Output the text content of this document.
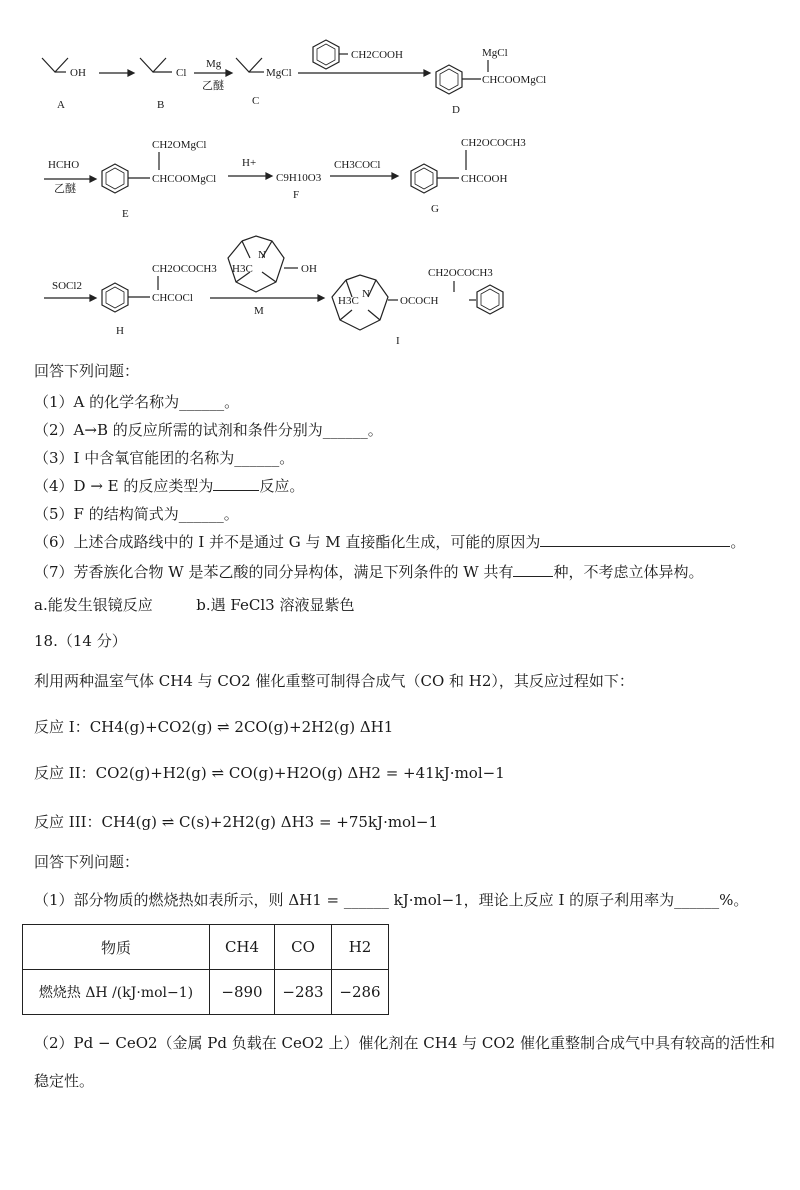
OH	Cl
Mg
乙醚
MgCl
CH2COOH	MgCl
CHCOOMgCl
A	B	C
D
HCHO
乙醚
CH2OMgCl
CHCOOMgCl
E
H+
C9H10O3
F
CH3COCl
CH2OCOCH3
CHCOOH
G
SOCl2
CH2OCOCH3
CHCOCl
H
H3C
N
OH
M
H3C
N
OCOCH
CH2OCOCH3
I
回答下列问题：
（1）A 的化学名称为______。
（2）A→B 的反应所需的试剂和条件分别为______。
（3）I 中含氧官能团的名称为______。
（4）D → E 的反应类型为	反应。
（5）F 的结构简式为______。
（6）上述合成路线中的 I 并不是通过 G 与 M 直接酯化生成，可能的原因为	。
（7）芳香族化合物 W 是苯乙酸的同分异构体，满足下列条件的 W 共有	种，不考虑立体异构。
a.能发生银镜反应	b.遇 FeCl3 溶液显紫色
18.（14 分）
利用两种温室气体 CH4 与 CO2 催化重整可制得合成气（CO 和 H2），其反应过程如下：
反应 I：CH4(g)+CO2(g) ⇌ 2CO(g)+2H2(g) ΔH1
反应 II：CO2(g)+H2(g) ⇌ CO(g)+H2O(g) ΔH2 = +41kJ·mol−1
反应 III：CH4(g) ⇌ C(s)+2H2(g) ΔH3 = +75kJ·mol−1
回答下列问题：
（1）部分物质的燃烧热如表所示，则 ΔH1 = ______ kJ·mol−1，理论上反应 I 的原子利用率为______%。
物质	CH4	CO	H2
燃烧热 ΔH /(kJ·mol−1)	−890	−283	−286
（2）Pd − CeO2（金属 Pd 负载在 CeO2 上）催化剂在 CH4 与 CO2 催化重整制合成气中具有较高的活性和
稳定性。
